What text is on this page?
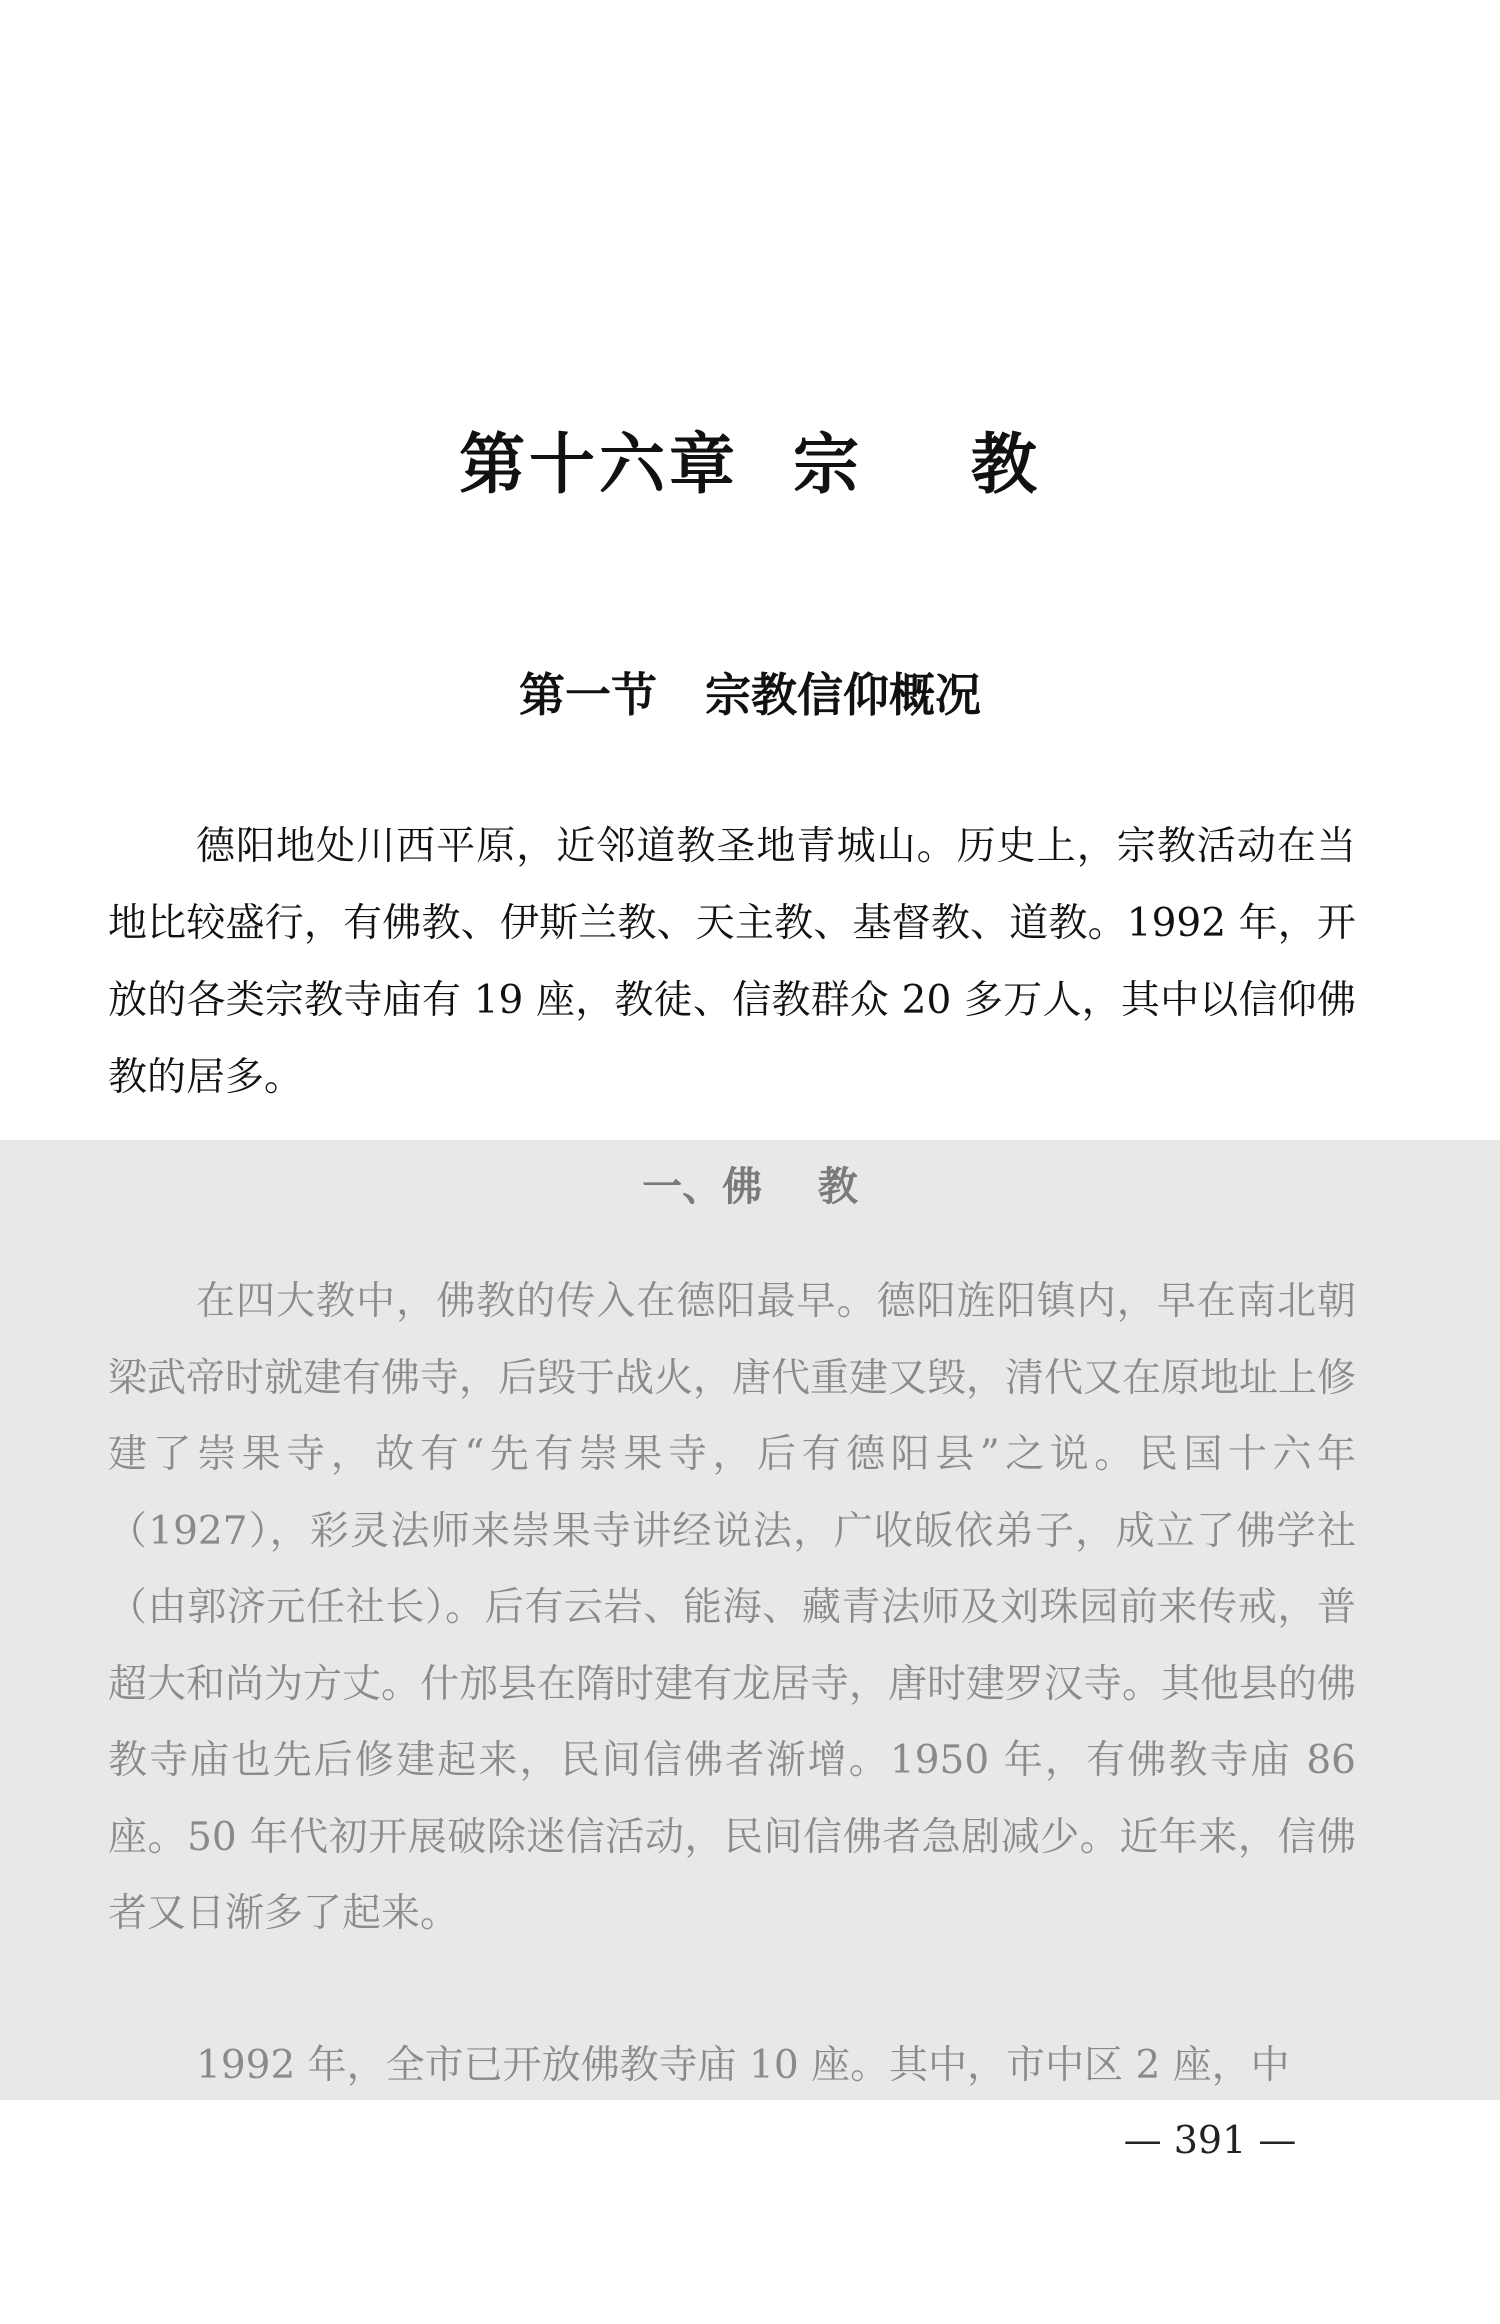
第十六章  宗    教
第一节   宗教信仰概况

德阳地处川西平原，近邻道教圣地青城山。历史上，宗教活动在当地比较盛行，有佛教、伊斯兰教、天主教、基督教、道教。1992 年，开放的各类宗教寺庙有 19 座，教徒、信教群众 20 多万人，其中以信仰佛教的居多。

一、佛    教

在四大教中，佛教的传入在德阳最早。德阳旌阳镇内，早在南北朝梁武帝时就建有佛寺，后毁于战火，唐代重建又毁，清代又在原地址上修建了崇果寺，故有“先有崇果寺，后有德阳县”之说。民国十六年（1927），彩灵法师来崇果寺讲经说法，广收皈依弟子，成立了佛学社（由郭济元任社长）。后有云岩、能海、藏青法师及刘珠园前来传戒，普超大和尚为方丈。什邡县在隋时建有龙居寺，唐时建罗汉寺。其他县的佛教寺庙也先后修建起来，民间信佛者渐增。1950 年，有佛教寺庙 86 座。50 年代初开展破除迷信活动，民间信佛者急剧减少。近年来，信佛者又日渐多了起来。

1992 年，全市已开放佛教寺庙 10 座。其中，市中区 2 座，中

— 391 —
